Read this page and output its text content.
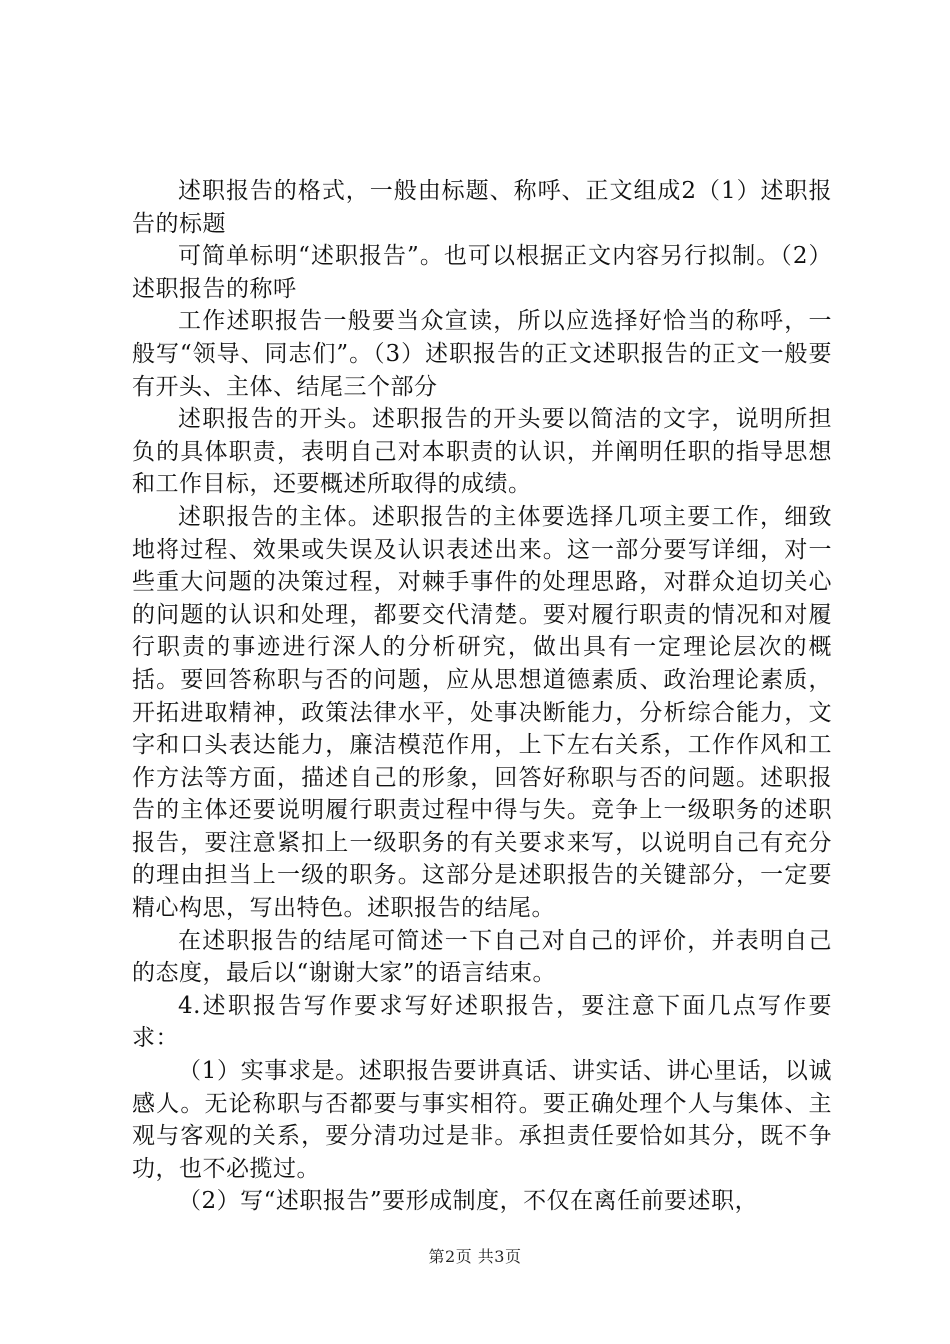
述职报告的格式，一般由标题、称呼、正文组成2（1）述职报告的标题

可简单标明“述职报告”。也可以根据正文内容另行拟制。（2）述职报告的称呼

工作述职报告一般要当众宣读，所以应选择好恰当的称呼，一般写“领导、同志们”。（3）述职报告的正文述职报告的正文一般要有开头、主体、结尾三个部分

述职报告的开头。述职报告的开头要以简洁的文字，说明所担负的具体职责，表明自己对本职责的认识，并阐明任职的指导思想和工作目标，还要概述所取得的成绩。

述职报告的主体。述职报告的主体要选择几项主要工作，细致地将过程、效果或失误及认识表述出来。这一部分要写详细，对一些重大问题的决策过程，对棘手事件的处理思路，对群众迫切关心的问题的认识和处理，都要交代清楚。要对履行职责的情况和对履行职责的事迹进行深人的分析研究，做出具有一定理论层次的概括。要回答称职与否的问题，应从思想道德素质、政治理论素质，开拓进取精神，政策法律水平，处事决断能力，分析综合能力，文字和口头表达能力，廉洁模范作用，上下左右关系，工作作风和工作方法等方面，描述自己的形象，回答好称职与否的问题。述职报告的主体还要说明履行职责过程中得与失。竞争上一级职务的述职报告，要注意紧扣上一级职务的有关要求来写，以说明自己有充分的理由担当上一级的职务。这部分是述职报告的关键部分，一定要精心构思，写出特色。述职报告的结尾。

在述职报告的结尾可简述一下自己对自己的评价，并表明自己的态度，最后以“谢谢大家”的语言结束。

4.述职报告写作要求写好述职报告，要注意下面几点写作要求：

（1）实事求是。述职报告要讲真话、讲实话、讲心里话，以诚感人。无论称职与否都要与事实相符。要正确处理个人与集体、主观与客观的关系，要分清功过是非。承担责任要恰如其分，既不争功，也不必揽过。

（2）写“述职报告”要形成制度，不仅在离任前要述职，

第2页 共3页
